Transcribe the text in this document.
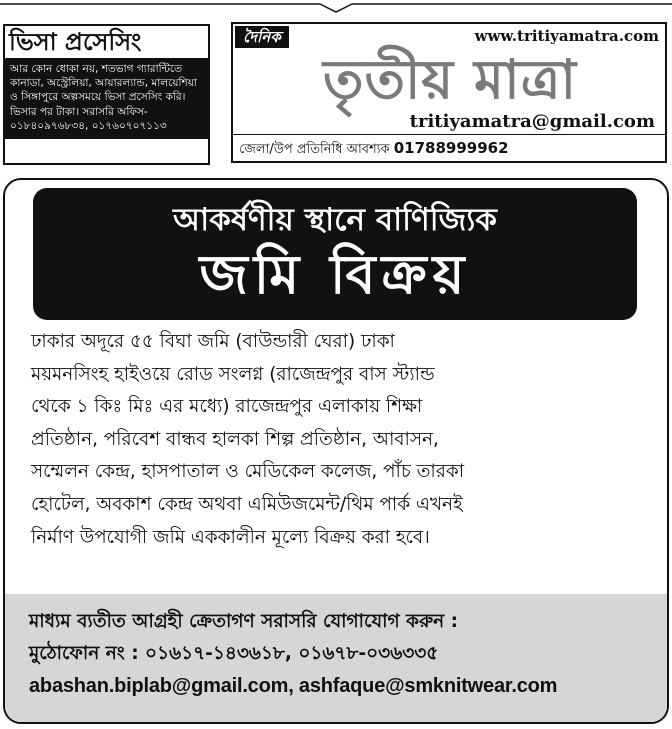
ভিসা প্রসেসিং
আর কোন ধোকা নয়, শতভাগ গ্যারান্টিতে
কানাডা, অস্ট্রেলিয়া, আয়ারল্যান্ড, মালয়েশিয়া
ও সিঙ্গাপুরে অল্পসময়ে ভিসা প্রসেসিং করি।
ভিসার পর টাকা। সরাসরি অফিস-
০১৮৪০৯৭৬৮৩৪, ০১৭৬০৭০৭১১৩
দৈনিক	www.tritiyamatra.com
তৃতীয় মাত্রা
tritiyamatra@gmail.com
জেলা/উপ প্রতিনিধি আবশ্যক 01788999962
আকর্ষণীয় স্থানে বাণিজ্যিক
জমি বিক্রয়
ঢাকার অদূরে ৫৫ বিঘা জমি (বাউন্ডারী ঘেরা) ঢাকা
ময়মনসিংহ হাইওয়ে রোড সংলগ্ন (রাজেন্দ্রপুর বাস স্ট্যান্ড
থেকে ১ কিঃ মিঃ এর মধ্যে) রাজেন্দ্রপুর এলাকায় শিক্ষা
প্রতিষ্ঠান, পরিবেশ বান্ধব হালকা শিল্প প্রতিষ্ঠান, আবাসন,
সম্মেলন কেন্দ্র, হাসপাতাল ও মেডিকেল কলেজ, পাঁচ তারকা
হোটেল, অবকাশ কেন্দ্র অথবা এমিউজমেন্ট/থিম পার্ক এখনই
নির্মাণ উপযোগী জমি এককালীন মূল্যে বিক্রয় করা হবে।
মাধ্যম ব্যতীত আগ্রহী ক্রেতাগণ সরাসরি যোগাযোগ করুন :
মুঠোফোন নং : ০১৬১৭-১৪৩৬১৮, ০১৬৭৮-০৩৬৩৩৫
abashan.biplab@gmail.com, ashfaque@smknitwear.com
